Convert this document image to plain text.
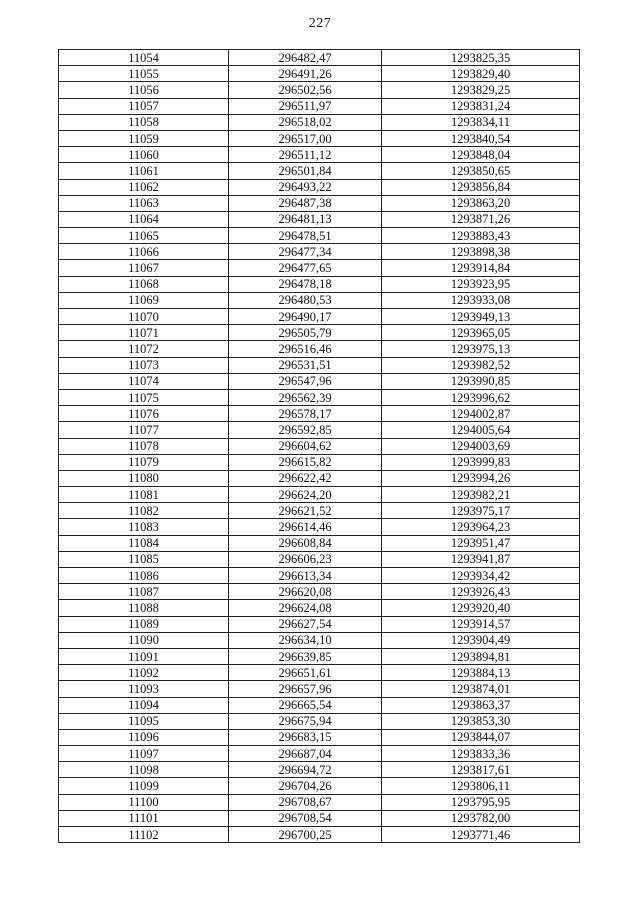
227
11054	296482,47	1293825,35
11055	296491,26	1293829,40
11056	296502,56	1293829,25
11057	296511,97	1293831,24
11058	296518,02	1293834,11
11059	296517,00	1293840,54
11060	296511,12	1293848,04
11061	296501,84	1293850,65
11062	296493,22	1293856,84
11063	296487,38	1293863,20
11064	296481,13	1293871,26
11065	296478,51	1293883,43
11066	296477,34	1293898,38
11067	296477,65	1293914,84
11068	296478,18	1293923,95
11069	296480,53	1293933,08
11070	296490,17	1293949,13
11071	296505,79	1293965,05
11072	296516,46	1293975,13
11073	296531,51	1293982,52
11074	296547,96	1293990,85
11075	296562,39	1293996,62
11076	296578,17	1294002,87
11077	296592,85	1294005,64
11078	296604,62	1294003,69
11079	296615,82	1293999,83
11080	296622,42	1293994,26
11081	296624,20	1293982,21
11082	296621,52	1293975,17
11083	296614,46	1293964,23
11084	296608,84	1293951,47
11085	296606,23	1293941,87
11086	296613,34	1293934,42
11087	296620,08	1293926,43
11088	296624,08	1293920,40
11089	296627,54	1293914,57
11090	296634,10	1293904,49
11091	296639,85	1293894,81
11092	296651,61	1293884,13
11093	296657,96	1293874,01
11094	296665,54	1293863,37
11095	296675,94	1293853,30
11096	296683,15	1293844,07
11097	296687,04	1293833,36
11098	296694,72	1293817,61
11099	296704,26	1293806,11
11100	296708,67	1293795,95
11101	296708,54	1293782,00
11102	296700,25	1293771,46
